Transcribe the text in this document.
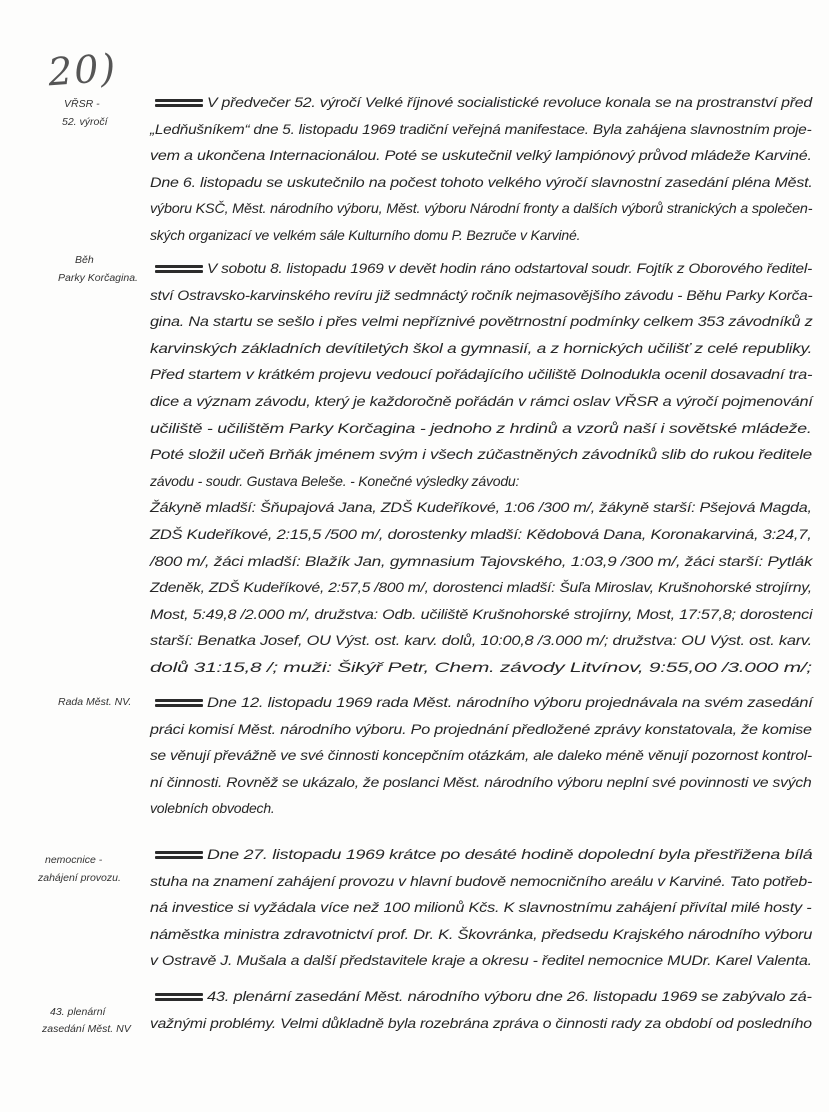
20)
VŘSR -
52. výročí
V předvečer 52. výročí Velké říjnové socialistické revoluce konala se na prostranství před
„Ledňušníkem“ dne 5. listopadu 1969 tradiční veřejná manifestace. Byla zahájena slavnostním proje-
vem a ukončena Internacionálou. Poté se uskutečnil velký lampiónový průvod mládeže Karviné.
Dne 6. listopadu se uskutečnilo na počest tohoto velkého výročí slavnostní zasedání pléna Měst.
výboru KSČ, Měst. národního výboru, Měst. výboru Národní fronty a dalších výborů stranických a společen-
ských organizací ve velkém sále Kulturního domu P. Bezruče v Karviné.
Běh
Parky Korčagina.
V sobotu 8. listopadu 1969 v devět hodin ráno odstartoval soudr. Fojtík z Oborového ředitel-
ství Ostravsko-karvinského revíru již sedmnáctý ročník nejmasovějšího závodu - Běhu Parky Korča-
gina. Na startu se sešlo i přes velmi nepříznivé povětrnostní podmínky celkem 353 závodníků z
karvinských základních devítiletých škol a gymnasií, a z hornických učilišť z celé republiky.
Před startem v krátkém projevu vedoucí pořádajícího učiliště Dolnodukla ocenil dosavadní tra-
dice a význam závodu, který je každoročně pořádán v rámci oslav VŘSR a výročí pojmenování
učiliště - učilištěm Parky Korčagina - jednoho z hrdinů a vzorů naší i sovětské mládeže.
Poté složil učeň Brňák jménem svým i všech zúčastněných závodníků slib do rukou ředitele
závodu - soudr. Gustava Beleše. - Konečné výsledky závodu:
Žákyně mladší: Šňupajová Jana, ZDŠ Kudeříkové, 1:06 /300 m/, žákyně starší: Pšejová Magda,
ZDŠ Kudeříkové, 2:15,5 /500 m/, dorostenky mladší: Kědobová Dana, Koronakarviná, 3:24,7,
/800 m/, žáci mladší: Blažík Jan, gymnasium Tajovského, 1:03,9 /300 m/, žáci starší: Pytlák
Zdeněk, ZDŠ Kudeříkové, 2:57,5 /800 m/, dorostenci mladší: Šuľa Miroslav, Krušnohorské strojírny,
Most, 5:49,8 /2.000 m/, družstva: Odb. učiliště Krušnohorské strojírny, Most, 17:57,8; dorostenci
starší: Benatka Josef, OU Výst. ost. karv. dolů, 10:00,8 /3.000 m/; družstva: OU Výst. ost. karv.
dolů 31:15,8 /; muži: Šikýř Petr, Chem. závody Litvínov, 9:55,00 /3.000 m/;
Rada Měst. NV.	Dne 12. listopadu 1969 rada Měst. národního výboru projednávala na svém zasedání
práci komisí Měst. národního výboru. Po projednání předložené zprávy konstatovala, že komise
se věnují převážně ve své činnosti koncepčním otázkám, ale daleko méně věnují pozornost kontrol-
ní činnosti. Rovněž se ukázalo, že poslanci Měst. národního výboru neplní své povinnosti ve svých
volebních obvodech.
nemocnice -
zahájení provozu.
Dne 27. listopadu 1969 krátce po desáté hodině dopolední byla přestřižena bílá
stuha na znamení zahájení provozu v hlavní budově nemocničního areálu v Karviné. Tato potřeb-
ná investice si vyžádala více než 100 milionů Kčs. K slavnostnímu zahájení přivítal milé hosty -
náměstka ministra zdravotnictví prof. Dr. K. Škovránka, předsedu Krajského národního výboru
v Ostravě J. Mušala a další představitele kraje a okresu - ředitel nemocnice MUDr. Karel Valenta.
43. plenární
zasedání Měst. NV
43. plenární zasedání Měst. národního výboru dne 26. listopadu 1969 se zabývalo zá-
važnými problémy. Velmi důkladně byla rozebrána zpráva o činnosti rady za období od posledního
